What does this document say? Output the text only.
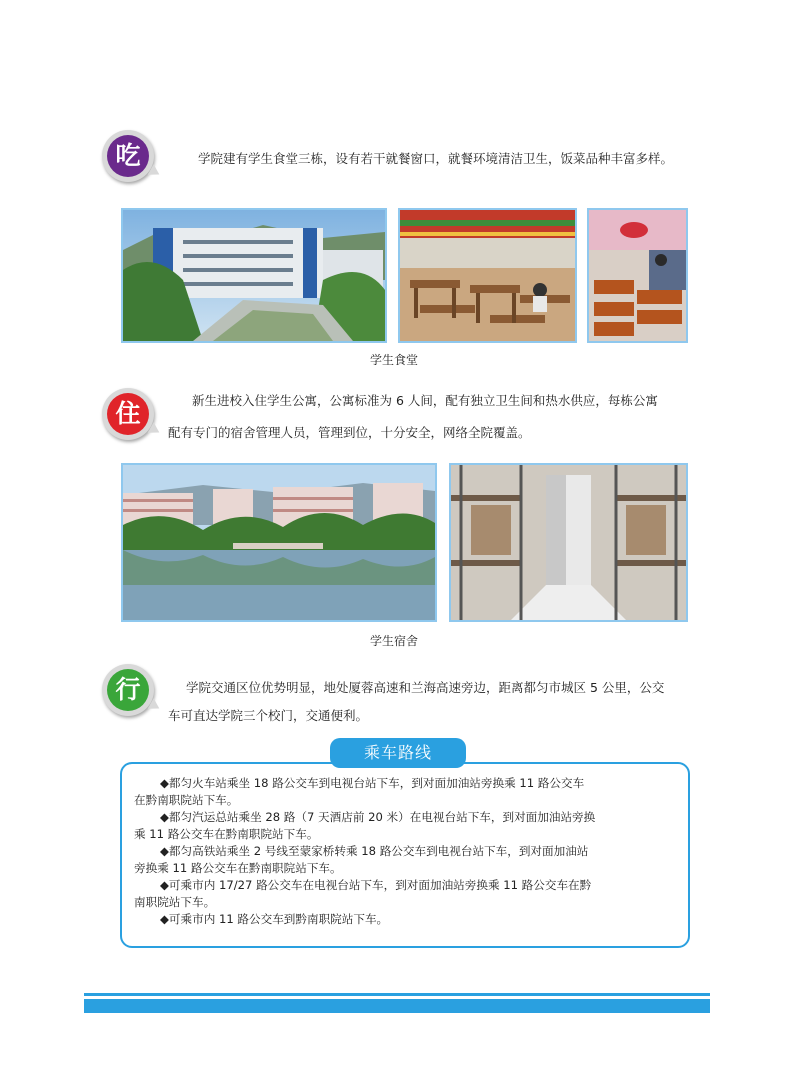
吃	学院建有学生食堂三栋，设有若干就餐窗口，就餐环境清洁卫生，饭菜品种丰富多样。
学生食堂
住	新生进校入住学生公寓，公寓标准为 6 人间，配有独立卫生间和热水供应，每栋公寓
配有专门的宿舍管理人员，管理到位，十分安全，网络全院覆盖。
学生宿舍
行	学院交通区位优势明显，地处厦蓉高速和兰海高速旁边，距离都匀市城区 5 公里，公交
车可直达学院三个校门，交通便利。
乘车路线
◆都匀火车站乘坐 18 路公交车到电视台站下车，到对面加油站旁换乘 11 路公交车
在黔南职院站下车。
◆都匀汽运总站乘坐 28 路（7 天酒店前 20 米）在电视台站下车，到对面加油站旁换
乘 11 路公交车在黔南职院站下车。
◆都匀高铁站乘坐 2 号线至蒙家桥转乘 18 路公交车到电视台站下车，到对面加油站
旁换乘 11 路公交车在黔南职院站下车。
◆可乘市内 17/27 路公交车在电视台站下车，到对面加油站旁换乘 11 路公交车在黔
南职院站下车。
◆可乘市内 11 路公交车到黔南职院站下车。
